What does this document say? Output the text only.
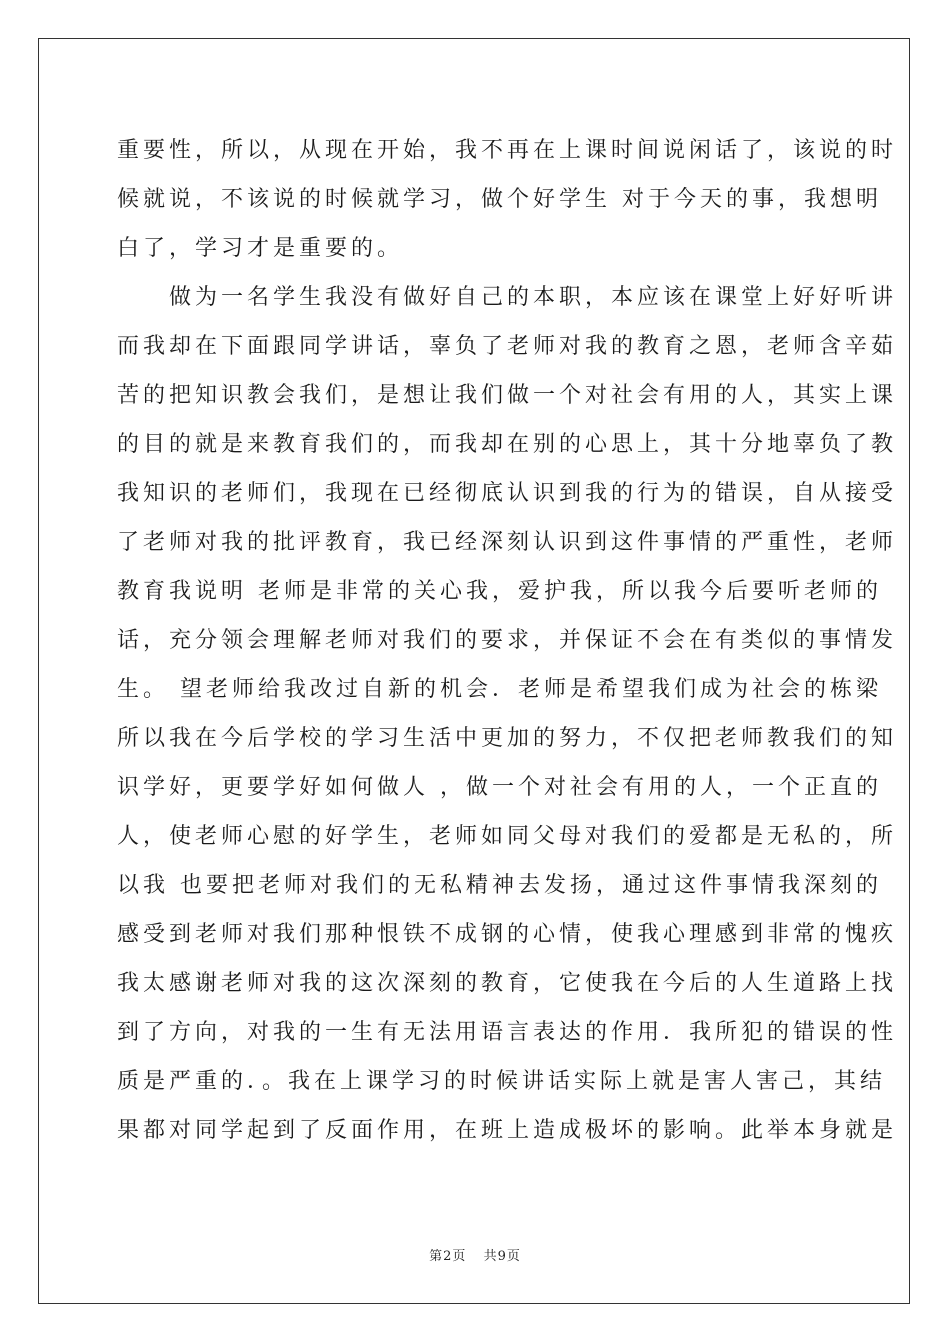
重要性，所以，从现在开始，我不再在上课时间说闲话了，该说的时
候就说，不该说的时候就学习，做个好学生 对于今天的事，我想明
白了，学习才是重要的。
　　做为一名学生我没有做好自己的本职，本应该在课堂上好好听讲
而我却在下面跟同学讲话，辜负了老师对我的教育之恩，老师含辛茹
苦的把知识教会我们，是想让我们做一个对社会有用的人，其实上课
的目的就是来教育我们的，而我却在别的心思上，其十分地辜负了教
我知识的老师们，我现在已经彻底认识到我的行为的错误，自从接受
了老师对我的批评教育，我已经深刻认识到这件事情的严重性，老师
教育我说明 老师是非常的关心我，爱护我，所以我今后要听老师的
话，充分领会理解老师对我们的要求，并保证不会在有类似的事情发
生。 望老师给我改过自新的机会．老师是希望我们成为社会的栋梁
所以我在今后学校的学习生活中更加的努力，不仅把老师教我们的知
识学好，更要学好如何做人 ，做一个对社会有用的人，一个正直的
人，使老师心慰的好学生，老师如同父母对我们的爱都是无私的，所
以我 也要把老师对我们的无私精神去发扬，通过这件事情我深刻的
感受到老师对我们那种恨铁不成钢的心情，使我心理感到非常的愧疚
我太感谢老师对我的这次深刻的教育，它使我在今后的人生道路上找
到了方向，对我的一生有无法用语言表达的作用．我所犯的错误的性
质是严重的．。我在上课学习的时候讲话实际上就是害人害己，其结
果都对同学起到了反面作用，在班上造成极坏的影响。此举本身就是
第2页 共9页
